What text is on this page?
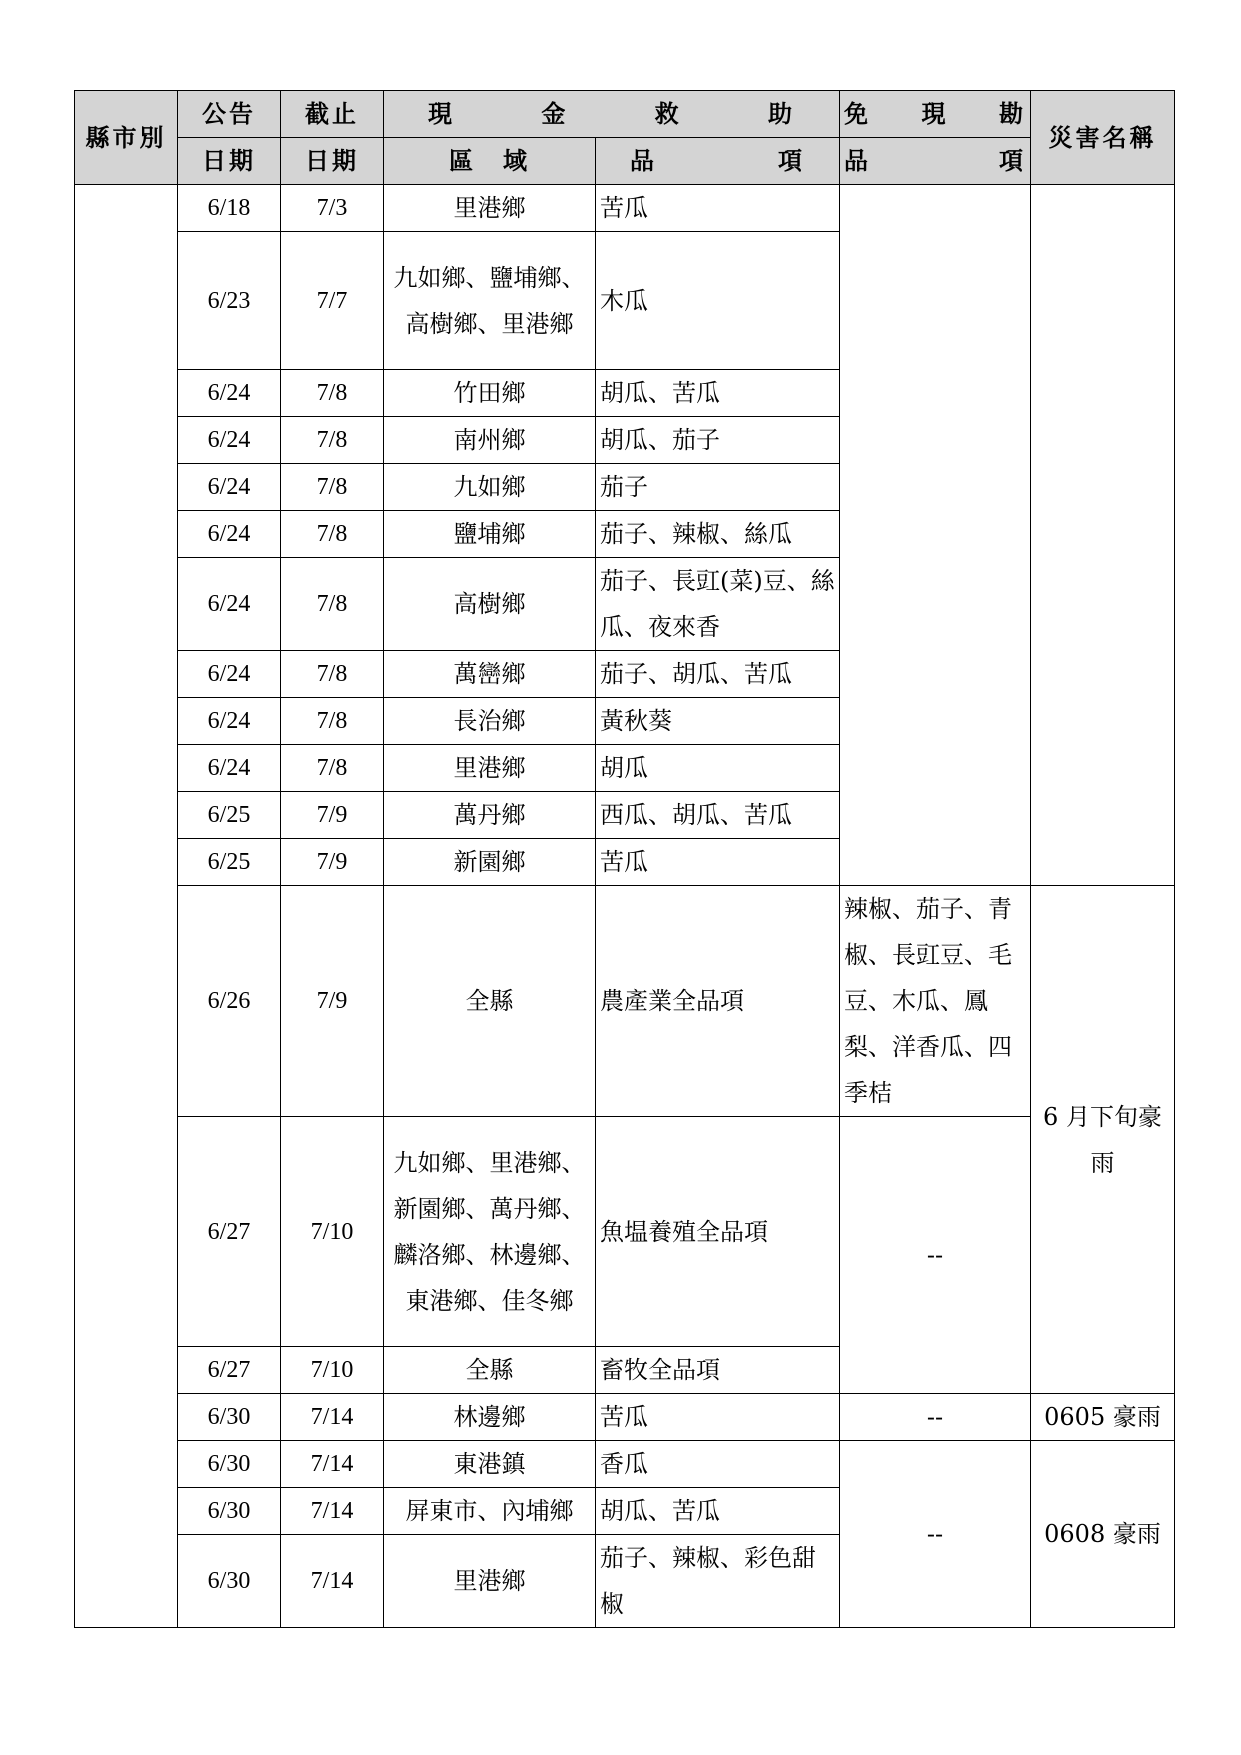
縣市別	公告	截止	現 金 救 助		免 現 勘	災害名稱
	日期	日期	區　域	品 項	品 項	

	6/18	7/3	里港鄉	苦瓜		
	6/23	7/7	九如鄉、鹽埔鄉、高樹鄉、里港鄉	木瓜		
	6/24	7/8	竹田鄉	胡瓜、苦瓜		
	6/24	7/8	南州鄉	胡瓜、茄子		
	6/24	7/8	九如鄉	茄子		
	6/24	7/8	鹽埔鄉	茄子、辣椒、絲瓜		
	6/24	7/8	高樹鄉	茄子、長豇(菜)豆、絲瓜、夜來香		
	6/24	7/8	萬巒鄉	茄子、胡瓜、苦瓜		
	6/24	7/8	長治鄉	黃秋葵		
	6/24	7/8	里港鄉	胡瓜		
	6/25	7/9	萬丹鄉	西瓜、胡瓜、苦瓜		
	6/25	7/9	新園鄉	苦瓜		
	6/26	7/9	全縣	農產業全品項	辣椒、茄子、青椒、長豇豆、毛豆、木瓜、鳳梨、洋香瓜、四季桔	6 月下旬豪雨
	6/27	7/10	九如鄉、里港鄉、新園鄉、萬丹鄉、麟洛鄉、林邊鄉、東港鄉、佳冬鄉	魚塭養殖全品項	--	
	6/27	7/10	全縣	畜牧全品項		
	6/30	7/14	林邊鄉	苦瓜	--	0605 豪雨
	6/30	7/14	東港鎮	香瓜	--	0608 豪雨
	6/30	7/14	屏東市、內埔鄉	胡瓜、苦瓜		
	6/30	7/14	里港鄉	茄子、辣椒、彩色甜椒		
